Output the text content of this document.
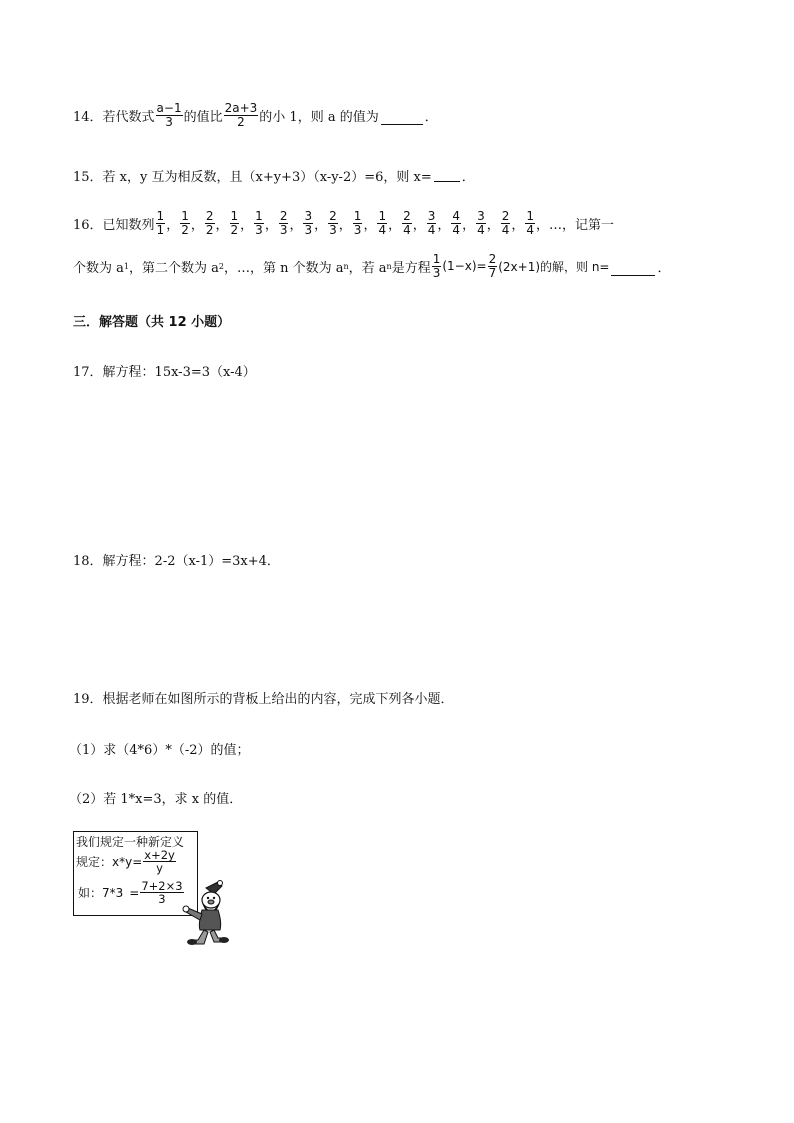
14．若代数式 $\frac{a-1}{3}$ 的值比 $\frac{2a+3}{2}$ 的小 1，则 a 的值为	．
15．若 x，y 互为相反数，且（x+y+3）（x-y-2）=6，则 x= ．
16．已知数列 $\frac{1}{1}$ ， $\frac{1}{2}$ ， $\frac{2}{2}$ ， $\frac{1}{2}$ ， $\frac{1}{3}$ ， $\frac{2}{3}$ ， $\frac{3}{3}$ ， $\frac{2}{3}$ ， $\frac{1}{3}$ ， $\frac{1}{4}$ ， $\frac{2}{4}$ ， $\frac{3}{4}$ ， $\frac{4}{4}$ ， $\frac{3}{4}$ ， $\frac{2}{4}$ ， $\frac{1}{4}$ ，…，记第一
个数为 a 1 ，第二个数为 a 2 ，…，第 n 个数为 a n ，若 a n 是方程 $\frac{1}{3} (1-x)= \frac{2}{7} (2x+1)$的解，则 n=	．
三．解答题（共 12 小题）
17．解方程：15x-3=3（x-4）
18．解方程：2-2（x-1）=3x+4．
19．根据老师在如图所示的背板上给出的内容，完成下列各小题．
（1）求（4*6）*（-2）的值；
（2）若 1*x=3，求 x 的值．
我们规定一种新定义
规定：$x*y= \frac{x+2y}{y}$
如：$7*3 = \frac{7+2\times 3}{3}$
